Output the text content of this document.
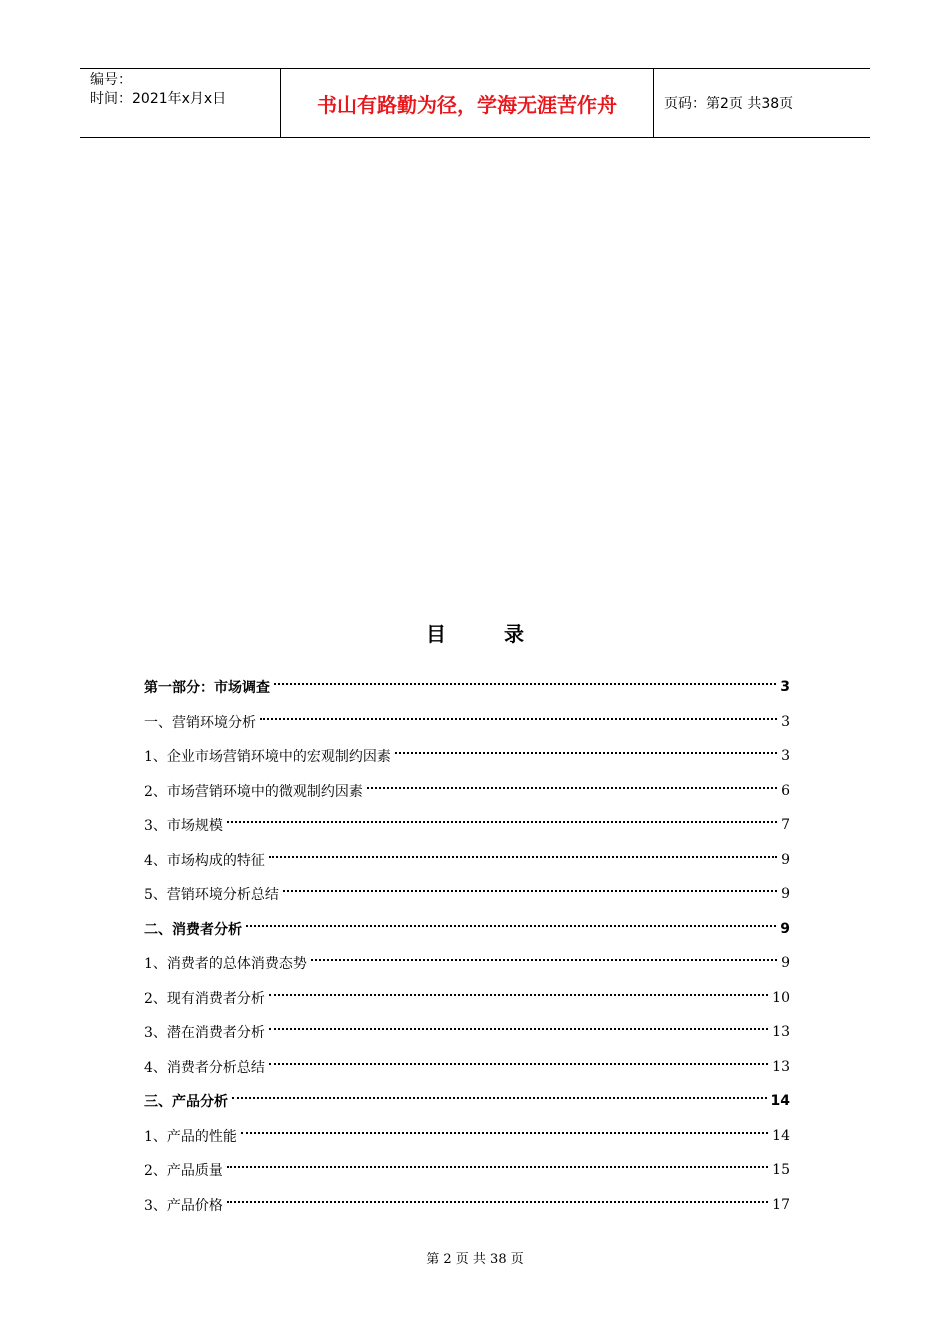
编号：
时间：2021年x月x日	书山有路勤为径，学海无涯苦作舟	页码：第2页 共38页
目	录
第一部分：市场调查	3
一、营销环境分析	3
1、企业市场营销环境中的宏观制约因素	3
2、市场营销环境中的微观制约因素	6
3、市场规模	7
4、市场构成的特征	9
5、营销环境分析总结	9
二、消费者分析	9
1、消费者的总体消费态势	9
2、现有消费者分析	10
3、潜在消费者分析	13
4、消费者分析总结	13
三、产品分析	14
1、产品的性能	14
2、产品质量	15
3、产品价格	17
第 2 页 共 38 页
